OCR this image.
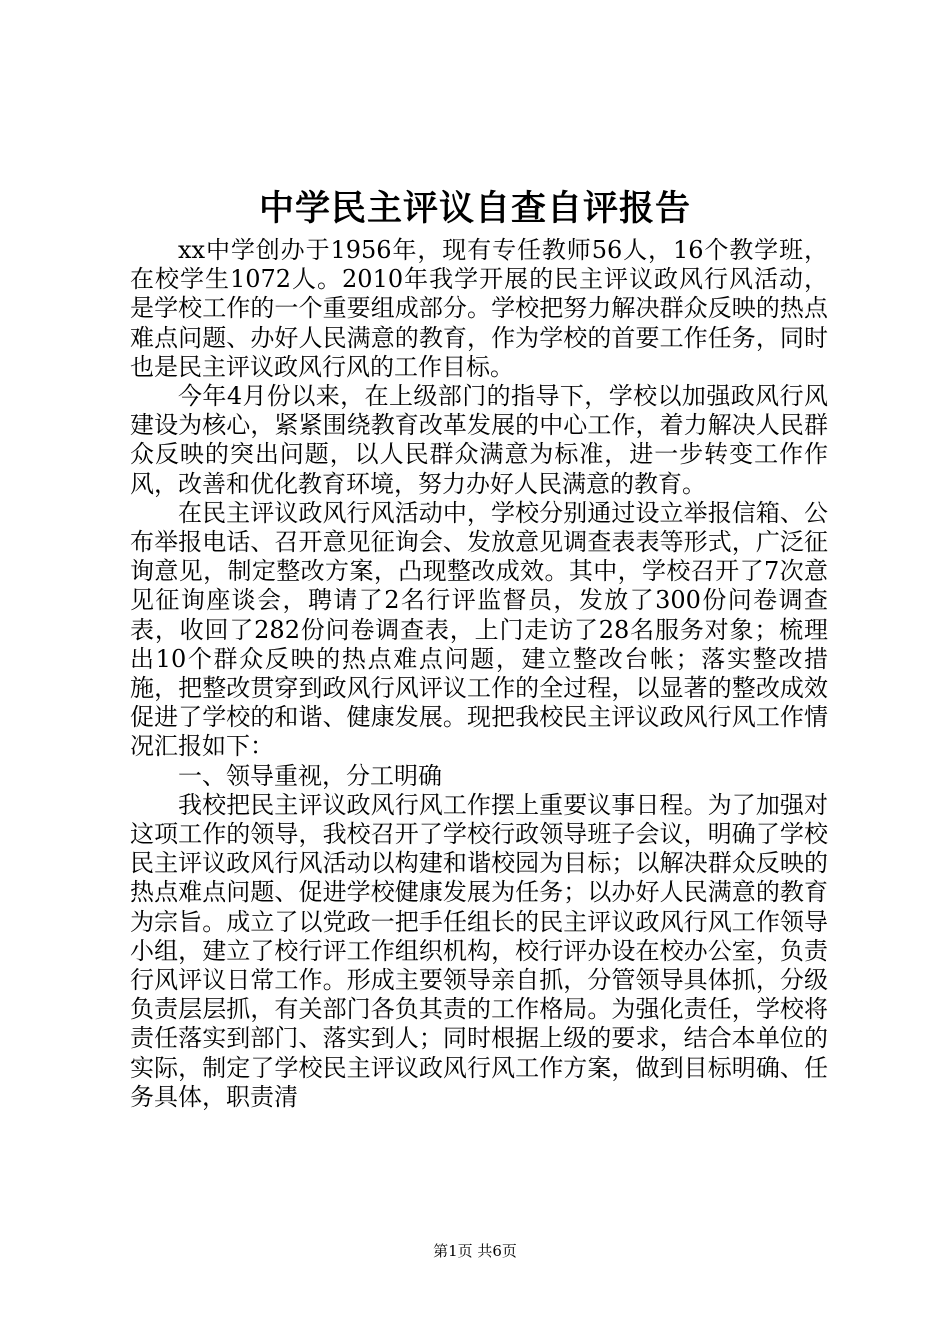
中学民主评议自查自评报告

xx中学创办于1956年，现有专任教师56人，16个教学班，在校学生1072人。2010年我学开展的民主评议政风行风活动，是学校工作的一个重要组成部分。学校把努力解决群众反映的热点难点问题、办好人民满意的教育，作为学校的首要工作任务，同时也是民主评议政风行风的工作目标。

今年4月份以来，在上级部门的指导下，学校以加强政风行风建设为核心，紧紧围绕教育改革发展的中心工作，着力解决人民群众反映的突出问题，以人民群众满意为标准，进一步转变工作作风，改善和优化教育环境，努力办好人民满意的教育。

在民主评议政风行风活动中，学校分别通过设立举报信箱、公布举报电话、召开意见征询会、发放意见调查表表等形式，广泛征询意见，制定整改方案，凸现整改成效。其中，学校召开了7次意见征询座谈会，聘请了2名行评监督员，发放了300份问卷调查表，收回了282份问卷调查表，上门走访了28名服务对象；梳理出10个群众反映的热点难点问题，建立整改台帐；落实整改措施，把整改贯穿到政风行风评议工作的全过程，以显著的整改成效促进了学校的和谐、健康发展。现把我校民主评议政风行风工作情况汇报如下：

一、领导重视，分工明确

我校把民主评议政风行风工作摆上重要议事日程。为了加强对这项工作的领导，我校召开了学校行政领导班子会议，明确了学校民主评议政风行风活动以构建和谐校园为目标；以解决群众反映的热点难点问题、促进学校健康发展为任务；以办好人民满意的教育为宗旨。成立了以党政一把手任组长的民主评议政风行风工作领导小组，建立了校行评工作组织机构，校行评办设在校办公室，负责行风评议日常工作。形成主要领导亲自抓，分管领导具体抓，分级负责层层抓，有关部门各负其责的工作格局。为强化责任，学校将责任落实到部门、落实到人；同时根据上级的要求，结合本单位的实际，制定了学校民主评议政风行风工作方案，做到目标明确、任务具体，职责清

第1页 共6页
